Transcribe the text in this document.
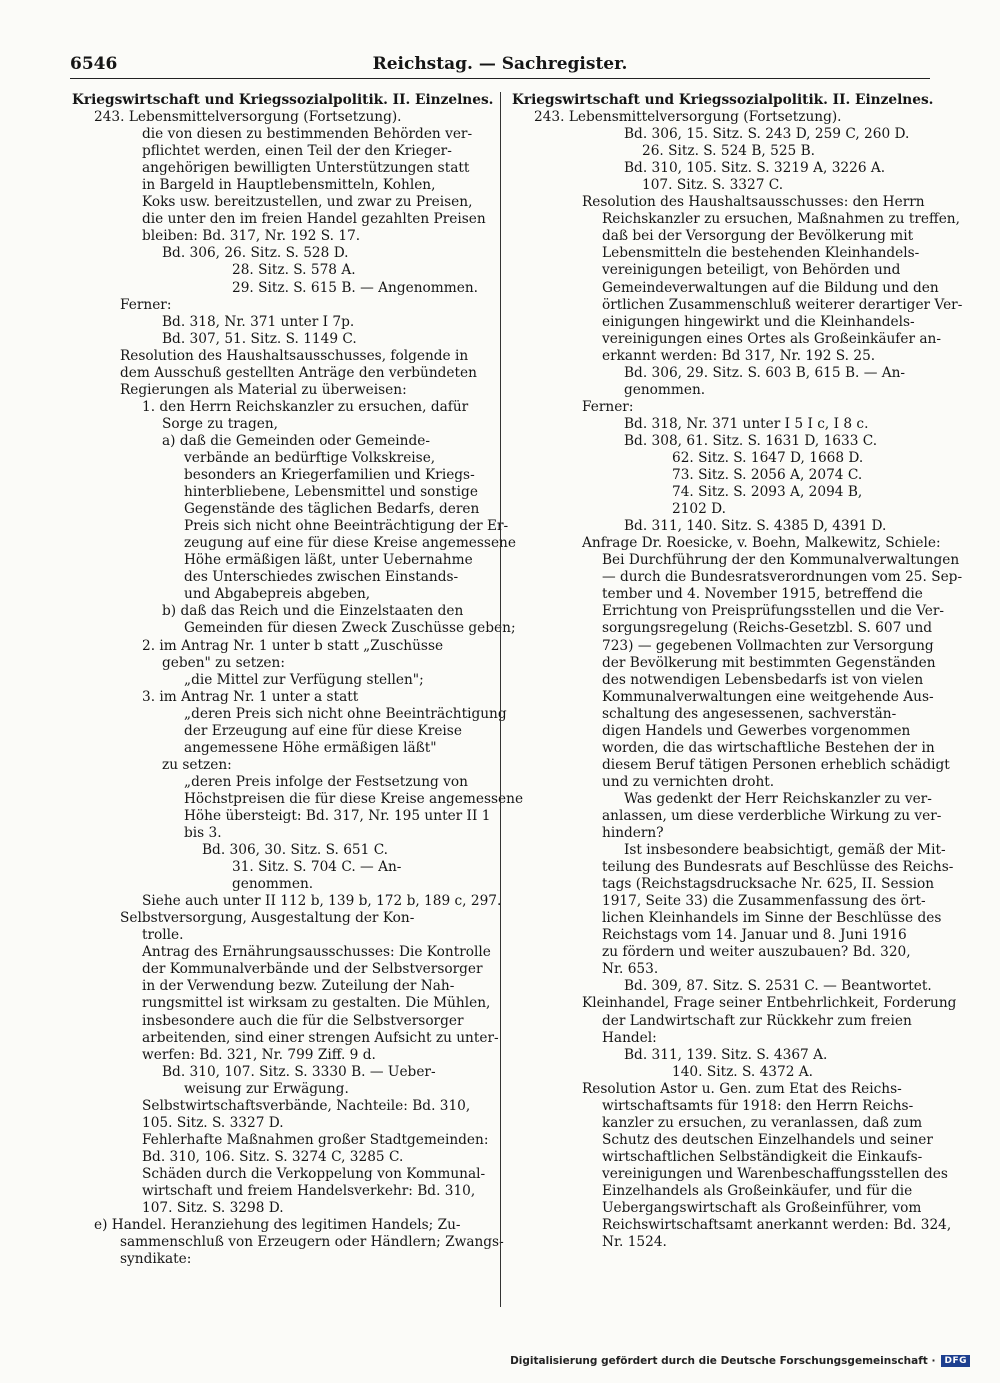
6546	Reichstag. — Sachregister.
Kriegswirtschaft und Kriegssozialpolitik. II. Einzelnes.
243. Lebensmittelversorgung (Fortsetzung).
die von diesen zu bestimmenden Behörden ver-
pflichtet werden, einen Teil der den Krieger-
angehörigen bewilligten Unterstützungen statt
in Bargeld in Hauptlebensmitteln, Kohlen,
Koks usw. bereitzustellen, und zwar zu Preisen,
die unter den im freien Handel gezahlten Preisen
bleiben: Bd. 317, Nr. 192 S. 17.
Bd. 306, 26. Sitz. S. 528 D.
28. Sitz. S. 578 A.
29. Sitz. S. 615 B. — Angenommen.
Ferner:
Bd. 318, Nr. 371 unter I 7p.
Bd. 307, 51. Sitz. S. 1149 C.
Resolution des Haushaltsausschusses, folgende in
dem Ausschuß gestellten Anträge den verbündeten
Regierungen als Material zu überweisen:
1. den Herrn Reichskanzler zu ersuchen, dafür
Sorge zu tragen,
a) daß die Gemeinden oder Gemeinde-
verbände an bedürftige Volkskreise,
besonders an Kriegerfamilien und Kriegs-
hinterbliebene, Lebensmittel und sonstige
Gegenstände des täglichen Bedarfs, deren
Preis sich nicht ohne Beeinträchtigung der Er-
zeugung auf eine für diese Kreise angemessene
Höhe ermäßigen läßt, unter Uebernahme
des Unterschiedes zwischen Einstands-
und Abgabepreis abgeben,
b) daß das Reich und die Einzelstaaten den
Gemeinden für diesen Zweck Zuschüsse geben;
2. im Antrag Nr. 1 unter b statt „Zuschüsse
geben" zu setzen:
„die Mittel zur Verfügung stellen";
3. im Antrag Nr. 1 unter a statt
„deren Preis sich nicht ohne Beeinträchtigung
der Erzeugung auf eine für diese Kreise
angemessene Höhe ermäßigen läßt"
zu setzen:
„deren Preis infolge der Festsetzung von
Höchstpreisen die für diese Kreise angemessene
Höhe übersteigt: Bd. 317, Nr. 195 unter II 1
bis 3.
Bd. 306, 30. Sitz. S. 651 C.
31. Sitz. S. 704 C. — An-
genommen.
Siehe auch unter II 112 b, 139 b, 172 b, 189 c, 297.
Selbstversorgung, Ausgestaltung der Kon-
trolle.
Antrag des Ernährungsausschusses: Die Kontrolle
der Kommunalverbände und der Selbstversorger
in der Verwendung bezw. Zuteilung der Nah-
rungsmittel ist wirksam zu gestalten. Die Mühlen,
insbesondere auch die für die Selbstversorger
arbeitenden, sind einer strengen Aufsicht zu unter-
werfen: Bd. 321, Nr. 799 Ziff. 9 d.
Bd. 310, 107. Sitz. S. 3330 B. — Ueber-
weisung zur Erwägung.
Selbstwirtschaftsverbände, Nachteile: Bd. 310,
105. Sitz. S. 3327 D.
Fehlerhafte Maßnahmen großer Stadtgemeinden:
Bd. 310, 106. Sitz. S. 3274 C, 3285 C.
Schäden durch die Verkoppelung von Kommunal-
wirtschaft und freiem Handelsverkehr: Bd. 310,
107. Sitz. S. 3298 D.
e) Handel. Heranziehung des legitimen Handels; Zu-
sammenschluß von Erzeugern oder Händlern; Zwangs-
syndikate:
Kriegswirtschaft und Kriegssozialpolitik. II. Einzelnes.
243. Lebensmittelversorgung (Fortsetzung).
Bd. 306, 15. Sitz. S. 243 D, 259 C, 260 D.
26. Sitz. S. 524 B, 525 B.
Bd. 310, 105. Sitz. S. 3219 A, 3226 A.
107. Sitz. S. 3327 C.
Resolution des Haushaltsausschusses: den Herrn
Reichskanzler zu ersuchen, Maßnahmen zu treffen,
daß bei der Versorgung der Bevölkerung mit
Lebensmitteln die bestehenden Kleinhandels-
vereinigungen beteiligt, von Behörden und
Gemeindeverwaltungen auf die Bildung und den
örtlichen Zusammenschluß weiterer derartiger Ver-
einigungen hingewirkt und die Kleinhandels-
vereinigungen eines Ortes als Großeinkäufer an-
erkannt werden: Bd 317, Nr. 192 S. 25.
Bd. 306, 29. Sitz. S. 603 B, 615 B. — An-
genommen.
Ferner:
Bd. 318, Nr. 371 unter I 5 I c, I 8 c.
Bd. 308, 61. Sitz. S. 1631 D, 1633 C.
62. Sitz. S. 1647 D, 1668 D.
73. Sitz. S. 2056 A, 2074 C.
74. Sitz. S. 2093 A, 2094 B,
2102 D.
Bd. 311, 140. Sitz. S. 4385 D, 4391 D.
Anfrage Dr. Roesicke, v. Boehn, Malkewitz, Schiele:
Bei Durchführung der den Kommunalverwaltungen
— durch die Bundesratsverordnungen vom 25. Sep-
tember und 4. November 1915, betreffend die
Errichtung von Preisprüfungsstellen und die Ver-
sorgungsregelung (Reichs-Gesetzbl. S. 607 und
723) — gegebenen Vollmachten zur Versorgung
der Bevölkerung mit bestimmten Gegenständen
des notwendigen Lebensbedarfs ist von vielen
Kommunalverwaltungen eine weitgehende Aus-
schaltung des angesessenen, sachverstän-
digen Handels und Gewerbes vorgenommen
worden, die das wirtschaftliche Bestehen der in
diesem Beruf tätigen Personen erheblich schädigt
und zu vernichten droht.
Was gedenkt der Herr Reichskanzler zu ver-
anlassen, um diese verderbliche Wirkung zu ver-
hindern?
Ist insbesondere beabsichtigt, gemäß der Mit-
teilung des Bundesrats auf Beschlüsse des Reichs-
tags (Reichstagsdrucksache Nr. 625, II. Session
1917, Seite 33) die Zusammenfassung des ört-
lichen Kleinhandels im Sinne der Beschlüsse des
Reichstags vom 14. Januar und 8. Juni 1916
zu fördern und weiter auszubauen? Bd. 320,
Nr. 653.
Bd. 309, 87. Sitz. S. 2531 C. — Beantwortet.
Kleinhandel, Frage seiner Entbehrlichkeit, Forderung
der Landwirtschaft zur Rückkehr zum freien
Handel:
Bd. 311, 139. Sitz. S. 4367 A.
140. Sitz. S. 4372 A.
Resolution Astor u. Gen. zum Etat des Reichs-
wirtschaftsamts für 1918: den Herrn Reichs-
kanzler zu ersuchen, zu veranlassen, daß zum
Schutz des deutschen Einzelhandels und seiner
wirtschaftlichen Selbständigkeit die Einkaufs-
vereinigungen und Warenbeschaffungsstellen des
Einzelhandels als Großeinkäufer, und für die
Uebergangswirtschaft als Großeinführer, vom
Reichswirtschaftsamt anerkannt werden: Bd. 324,
Nr. 1524.
Digitalisierung gefördert durch die Deutsche Forschungsgemeinschaft ·	DFG
